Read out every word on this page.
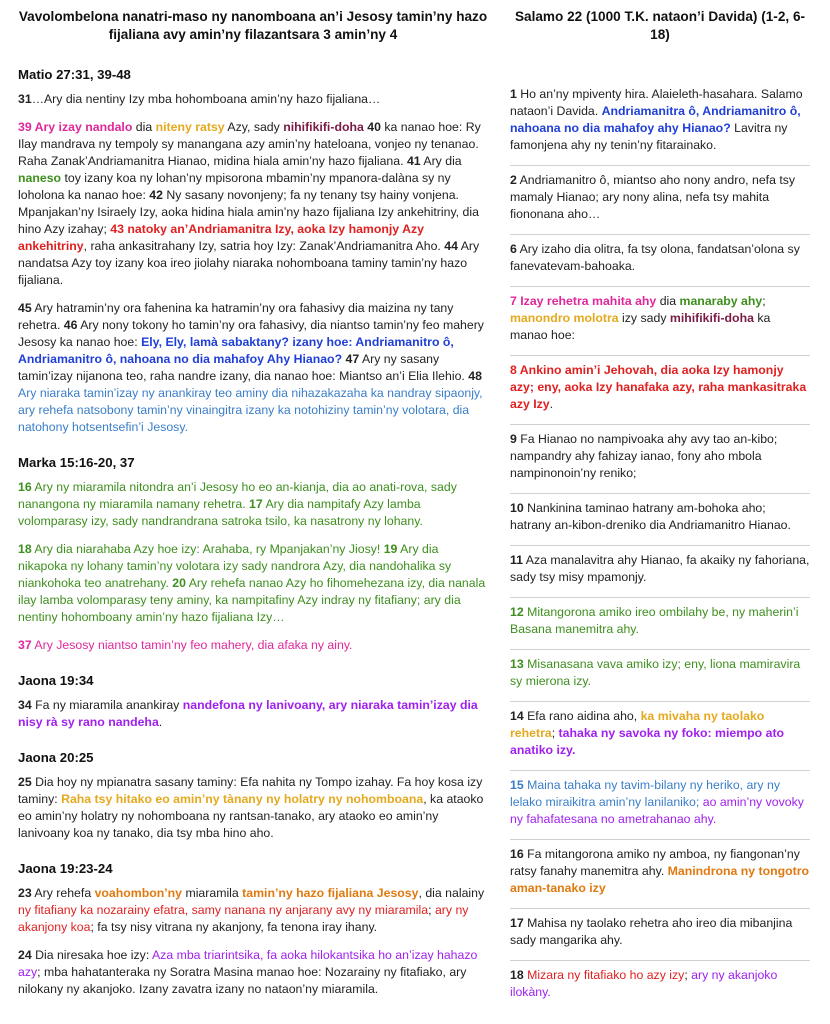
Vavolombelona nanatri-maso ny nanomboana an’i Jesosy tamin’ny hazo fijaliana avy amin’ny filazantsara 3 amin’ny 4
Matio 27:31, 39-48
31…Ary dia nentiny Izy mba hohomboana amin’ny hazo fijaliana…
39 Ary izay nandalo dia niteny ratsy Azy, sady nihifikifi-doha 40 ka nanao hoe: Ry Ilay mandrava ny tempoly sy manangana azy amin’ny hateloana, vonjeo ny tenanao. Raha Zanak’Andriamanitra Hianao, midina hiala amin’ny hazo fijaliana. 41 Ary dia naneso toy izany koa ny lohan’ny mpisorona mbamin’ny mpanora-dalàna sy ny loholona ka nanao hoe: 42 Ny sasany novonjeny; fa ny tenany tsy hainy vonjena. Mpanjakan’ny Isiraely Izy, aoka hidina hiala amin’ny hazo fijaliana Izy ankehitriny, dia hino Azy izahay; 43 natoky an’Andriamanitra Izy, aoka Izy hamonjy Azy ankehitriny, raha ankasitrahany Izy, satria hoy Izy: Zanak’Andriamanitra Aho. 44 Ary nandatsa Azy toy izany koa ireo jiolahy niaraka nohomboana taminy tamin’ny hazo fijaliana.
45 Ary hatramin’ny ora fahenina ka hatramin’ny ora fahasivy dia maizina ny tany rehetra. 46 Ary nony tokony ho tamin’ny ora fahasivy, dia niantso tamin’ny feo mahery Jesosy ka nanao hoe: Ely, Ely, lamà sabaktany? izany hoe: Andriamanitro ô, Andriamanitro ô, nahoana no dia mahafoy Ahy Hianao? 47 Ary ny sasany tamin’izay nijanona teo, raha nandre izany, dia nanao hoe: Miantso an’i Elia Ilehio. 48 Ary niaraka tamin’izay ny anankiray teo aminy dia nihazakazaha ka nandray sipaonjy, ary rehefa natsobony tamin’ny vinaingitra izany ka notohiziny tamin’ny volotara, dia natohony hotsentsefin’i Jesosy.
Marka 15:16-20, 37
16 Ary ny miaramila nitondra an’i Jesosy ho eo an-kianja, dia ao anati-rova, sady nanangona ny miaramila namany rehetra. 17 Ary dia nampitafy Azy lamba volomparasy izy, sady nandrandrana satroka tsilo, ka nasatrony ny lohany.
18 Ary dia niarahaba Azy hoe izy: Arahaba, ry Mpanjakan’ny Jiosy! 19 Ary dia nikapoka ny lohany tamin’ny volotara izy sady nandrora Azy, dia nandohalika sy niankohoka teo anatrehany. 20 Ary rehefa nanao Azy ho fihomehezana izy, dia nanala ilay lamba volomparasy teny aminy, ka nampitafiny Azy indray ny fitafiany; ary dia nentiny hohomboany amin’ny hazo fijaliana Izy…
37 Ary Jesosy niantso tamin’ny feo mahery, dia afaka ny ainy.
Jaona 19:34
34 Fa ny miaramila anankiray nandefona ny lanivoany, ary niaraka tamin’izay dia nisy rà sy rano nandeha.
Jaona 20:25
25 Dia hoy ny mpianatra sasany taminy: Efa nahita ny Tompo izahay. Fa hoy kosa izy taminy: Raha tsy hitako eo amin’ny tànany ny holatry ny nohomboana, ka ataoko eo amin’ny holatry ny nohomboana ny rantsan-tanako, ary ataoko eo amin’ny lanivoany koa ny tanako, dia tsy mba hino aho.
Jaona 19:23-24
23 Ary rehefa voahombon’ny miaramila tamin’ny hazo fijaliana Jesosy, dia nalainy ny fitafiany ka nozarainy efatra, samy nanana ny anjarany avy ny miaramila; ary ny akanjony koa; fa tsy nisy vitrana ny akanjony, fa tenona iray ihany.
24 Dia niresaka hoe izy: Aza mba triarintsika, fa aoka hilokantsika ho an’izay hahazo azy; mba hahatanteraka ny Soratra Masina manao hoe: Nozarainy ny fitafiako, ary nilokany ny akanjoko. Izany zavatra izany no nataon’ny miaramila.
Salamo 22 (1000 T.K. nataon’i Davida) (1-2, 6-18)
1 Ho an’ny mpiventy hira. Alaieleth-hasahara. Salamo nataon’i Davida. Andriamanitra ô, Andriamanitro ô, nahoana no dia mahafoy ahy Hianao? Lavitra ny famonjena ahy ny tenin’ny fitarainako.
2 Andriamanitro ô, miantso aho nony andro, nefa tsy mamaly Hianao; ary nony alina, nefa tsy mahita fiononana aho…
6 Ary izaho dia olitra, fa tsy olona, fandatsan’olona sy fanevatevam-bahoaka.
7 Izay rehetra mahita ahy dia manaraby ahy; manondro molotra izy sady mihifikifi-doha ka manao hoe:
8 Ankino amin’i Jehovah, dia aoka Izy hamonjy azy; eny, aoka Izy hanafaka azy, raha mankasitraka azy Izy.
9 Fa Hianao no nampivoaka ahy avy tao an-kibo; nampandry ahy fahizay ianao, fony aho mbola nampinonoin’ny reniko;
10 Nankinina taminao hatrany am-bohoka aho; hatrany an-kibon-dreniko dia Andriamanitro Hianao.
11 Aza manalavitra ahy Hianao, fa akaiky ny fahoriana, sady tsy misy mpamonjy.
12 Mitangorona amiko ireo ombilahy be, ny maherin’i Basana manemitra ahy.
13 Misanasana vava amiko izy; eny, liona mamiravira sy mierona izy.
14 Efa rano aidina aho, ka mivaha ny taolako rehetra; tahaka ny savoka ny foko: miempo ato anatiko izy.
15 Maina tahaka ny tavim-bilany ny heriko, ary ny lelako miraikitra amin’ny lanilaniko; ao amin’ny vovoky ny fahafatesana no ametrahanao ahy.
16 Fa mitangorona amiko ny amboa, ny fiangonan’ny ratsy fanahy manemitra ahy. Manindrona ny tongotro aman-tanako izy
17 Mahisa ny taolako rehetra aho ireo dia mibanjina sady mangarika ahy.
18 Mizara ny fitafiako ho azy izy; ary ny akanjoko ilokàny.
